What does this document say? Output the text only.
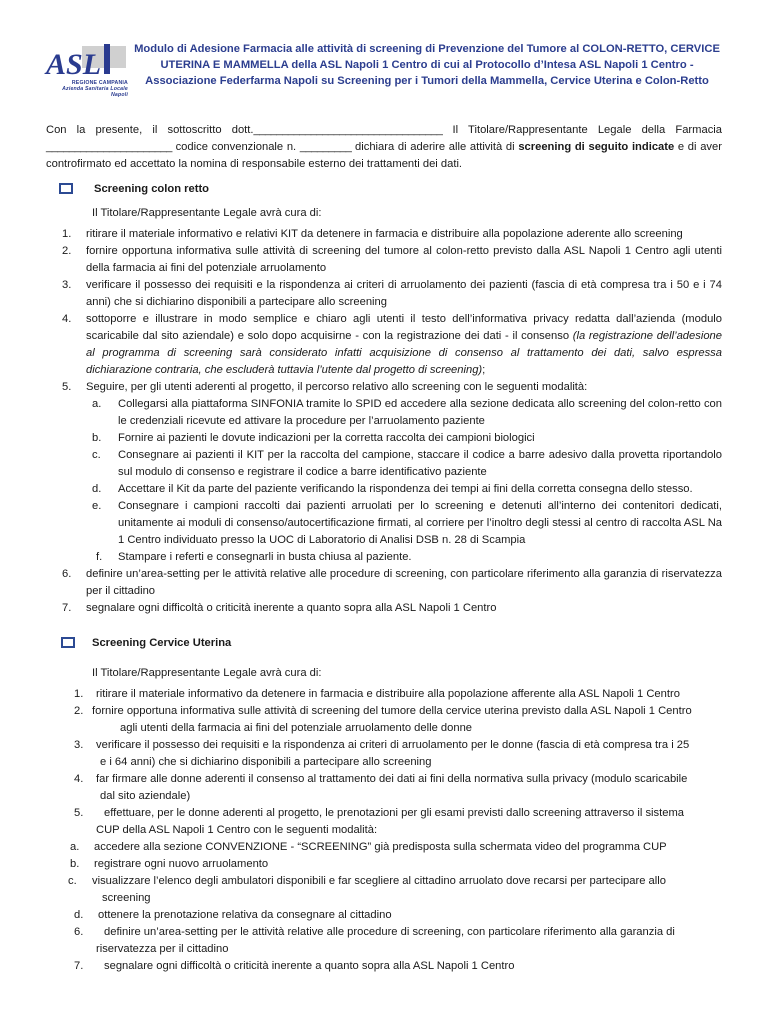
ASL
REGIONE CAMPANIA
Azienda Sanitaria Locale Napoli
Modulo di Adesione Farmacia alle attività di screening di Prevenzione del Tumore al COLON-RETTO, CERVICE UTERINA E MAMMELLA della ASL Napoli 1 Centro di cui al Protocollo d’Intesa ASL Napoli 1 Centro - Associazione Federfarma Napoli su Screening per i Tumori della Mammella, Cervice Uterina e Colon-Retto
Con la presente, il sottoscritto dott._________________________________ Il Titolare/Rappresentante Legale della Farmacia ______________________ codice convenzionale n. _________ dichiara di aderire alle attività di screening di seguito indicate e di aver controfirmato ed accettato la nomina di responsabile esterno dei trattamenti dei dati.
Screening colon retto
Il Titolare/Rappresentante Legale avrà cura di:
1. ritirare il materiale informativo e relativi KIT da detenere in farmacia e distribuire alla popolazione aderente allo screening
2. fornire opportuna informativa sulle attività di screening del tumore al colon-retto previsto dalla ASL Napoli 1 Centro agli utenti della farmacia ai fini del potenziale arruolamento
3. verificare il possesso dei requisiti e la rispondenza ai criteri di arruolamento dei pazienti (fascia di età compresa tra i 50 e i 74 anni) che si dichiarino disponibili a partecipare allo screening
4. sottoporre e illustrare in modo semplice e chiaro agli utenti il testo dell’informativa privacy redatta dall’azienda (modulo scaricabile dal sito aziendale) e solo dopo acquisirne - con la registrazione dei dati - il consenso (la registrazione dell’adesione al programma di screening sarà considerato infatti acquisizione di consenso al trattamento dei dati, salvo espressa dichiarazione contraria, che escluderà tuttavia l’utente dal progetto di screening);
5. Seguire, per gli utenti aderenti al progetto, il percorso relativo allo screening con le seguenti modalità:
a. Collegarsi alla piattaforma SINFONIA tramite lo SPID ed accedere alla sezione dedicata allo screening del colon-retto con le credenziali ricevute ed attivare la procedure per l’arruolamento paziente
b. Fornire ai pazienti le dovute indicazioni per la corretta raccolta dei campioni biologici
c. Consegnare ai pazienti il KIT per la raccolta del campione, staccare il codice a barre adesivo dalla provetta riportandolo sul modulo di consenso e registrare il codice a barre identificativo paziente
d. Accettare il Kit da parte del paziente verificando la rispondenza dei tempi ai fini della corretta consegna dello stesso.
e. Consegnare i campioni raccolti dai pazienti arruolati per lo screening e detenuti all’interno dei contenitori dedicati, unitamente ai moduli di consenso/autocertificazione firmati, al corriere per l’inoltro degli stessi al centro di raccolta ASL Na 1 Centro individuato presso la UOC di Laboratorio di Analisi DSB n. 28 di Scampia
f. Stampare i referti e consegnarli in busta chiusa al paziente.
6. definire un’area-setting per le attività relative alle procedure di screening, con particolare riferimento alla garanzia di riservatezza per il cittadino
7. segnalare ogni difficoltà o criticità inerente a quanto sopra alla ASL Napoli 1 Centro
Screening Cervice Uterina
Il Titolare/Rappresentante Legale avrà cura di:
1. ritirare il materiale informativo da detenere in farmacia e distribuire alla popolazione afferente alla ASL Napoli 1 Centro
2. fornire opportuna informativa sulle attività di screening del tumore della cervice uterina previsto dalla ASL Napoli 1 Centro
agli utenti della farmacia ai fini del potenziale arruolamento delle donne
3. verificare il possesso dei requisiti e la rispondenza ai criteri di arruolamento per le donne (fascia di età compresa tra i 25
e i 64 anni) che si dichiarino disponibili a partecipare allo screening
4. far firmare alle donne aderenti il consenso al trattamento dei dati ai fini della normativa sulla privacy (modulo scaricabile
dal sito aziendale)
5. effettuare, per le donne aderenti al progetto, le prenotazioni per gli esami previsti dallo screening attraverso il sistema
CUP della ASL Napoli 1 Centro con le seguenti modalità:
a. accedere alla sezione CONVENZIONE - “SCREENING” già predisposta sulla schermata video del programma CUP
b. registrare ogni nuovo arruolamento
c. visualizzare l’elenco degli ambulatori disponibili e far scegliere al cittadino arruolato dove recarsi per partecipare allo
screening
d. ottenere la prenotazione relativa da consegnare al cittadino
6. definire un’area-setting per le attività relative alle procedure di screening, con particolare riferimento alla garanzia di
riservatezza per il cittadino
7. segnalare ogni difficoltà o criticità inerente a quanto sopra alla ASL Napoli 1 Centro
